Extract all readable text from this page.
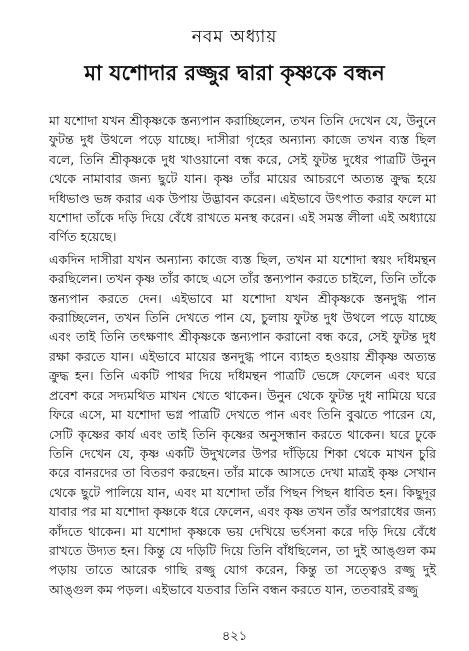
নবম অধ্যায়
মা যশোদার রজ্জুর দ্বারা কৃষ্ণকে বন্ধন

মা যশোদা যখন শ্রীকৃষ্ণকে স্তন্যপান করাচ্ছিলেন, তখন তিনি দেখেন যে, উনুনে ফুটন্ত দুধ উথলে পড়ে যাচ্ছে। দাসীরা গৃহের অন্যান্য কাজে তখন ব্যস্ত ছিল বলে, তিনি শ্রীকৃষ্ণকে দুধ খাওয়ানো বন্ধ করে, সেই ফুটন্ত দুধের পাত্রটি উনুন থেকে নামাবার জন্য ছুটে যান। কৃষ্ণ তাঁর মায়ের আচরণে অত্যন্ত ক্রুদ্ধ হয়ে দধিভাণ্ড ভঙ্গ করার এক উপায় উদ্ভাবন করেন। এইভাবে উৎপাত করার ফলে মা যশোদা তাঁকে দড়ি দিয়ে বেঁধে রাখতে মনস্থ করেন। এই সমস্ত লীলা এই অধ্যায়ে বর্ণিত হয়েছে।

একদিন দাসীরা যখন অন্যান্য কাজে ব্যস্ত ছিল, তখন মা যশোদা স্বয়ং দধিমন্থন করছিলেন। তখন কৃষ্ণ তাঁর কাছে এসে তাঁর স্তন্যপান করতে চাইলে, তিনি তাঁকে স্তন্যপান করতে দেন। এইভাবে মা যশোদা যখন শ্রীকৃষ্ণকে স্তনদুগ্ধ পান করাচ্ছিলেন, তখন তিনি দেখতে পান যে, চুলায় ফুটন্ত দুধ উথলে পড়ে যাচ্ছে এবং তাই তিনি তৎক্ষণাৎ শ্রীকৃষ্ণকে স্তন্যপান করানো বন্ধ করে, সেই ফুটন্ত দুধ রক্ষা করতে যান। এইভাবে মায়ের স্তনদুগ্ধ পানে ব্যাহত হওয়ায় শ্রীকৃষ্ণ অত্যন্ত ক্রুদ্ধ হন। তিনি একটি পাথর দিয়ে দধিমন্থন পাত্রটি ভেঙ্গে ফেলেন এবং ঘরে প্রবেশ করে সদ্যমথিত মাখন খেতে থাকেন। উনুন থেকে ফুটন্ত দুধ নামিয়ে ঘরে ফিরে এসে, মা যশোদা ভগ্ন পাত্রটি দেখতে পান এবং তিনি বুঝতে পারেন যে, সেটি কৃষ্ণের কার্য এবং তাই তিনি কৃষ্ণের অনুসন্ধান করতে থাকেন। ঘরে ঢুকে তিনি দেখেন যে, কৃষ্ণ একটি উদুখলের উপর দাঁড়িয়ে শিকা থেকে মাখন চুরি করে বানরদের তা বিতরণ করছেন। তাঁর মাকে আসতে দেখা মাত্রই কৃষ্ণ সেখান থেকে ছুটে পালিয়ে যান, এবং মা যশোদা তাঁর পিছন পিছন ধাবিত হন। কিছুদূর যাবার পর মা যশোদা কৃষ্ণকে ধরে ফেলেন, এবং কৃষ্ণ তখন তাঁর অপরাধের জন্য কাঁদতে থাকেন। মা যশোদা কৃষ্ণকে ভয় দেখিয়ে ভর্ৎসনা করে দড়ি দিয়ে বেঁধে রাখতে উদ্যত হন। কিন্তু যে দড়িটি দিয়ে তিনি বাঁধছিলেন, তা দুই আঙ্গুল কম পড়ায় তাতে আরেক গাছি রজ্জু যোগ করেন, কিন্তু তা সত্ত্বেও রজ্জু দুই আঙ্গুল কম পড়ল। এইভাবে যতবার তিনি বন্ধন করতে যান, ততবারই রজ্জু

৪২১
